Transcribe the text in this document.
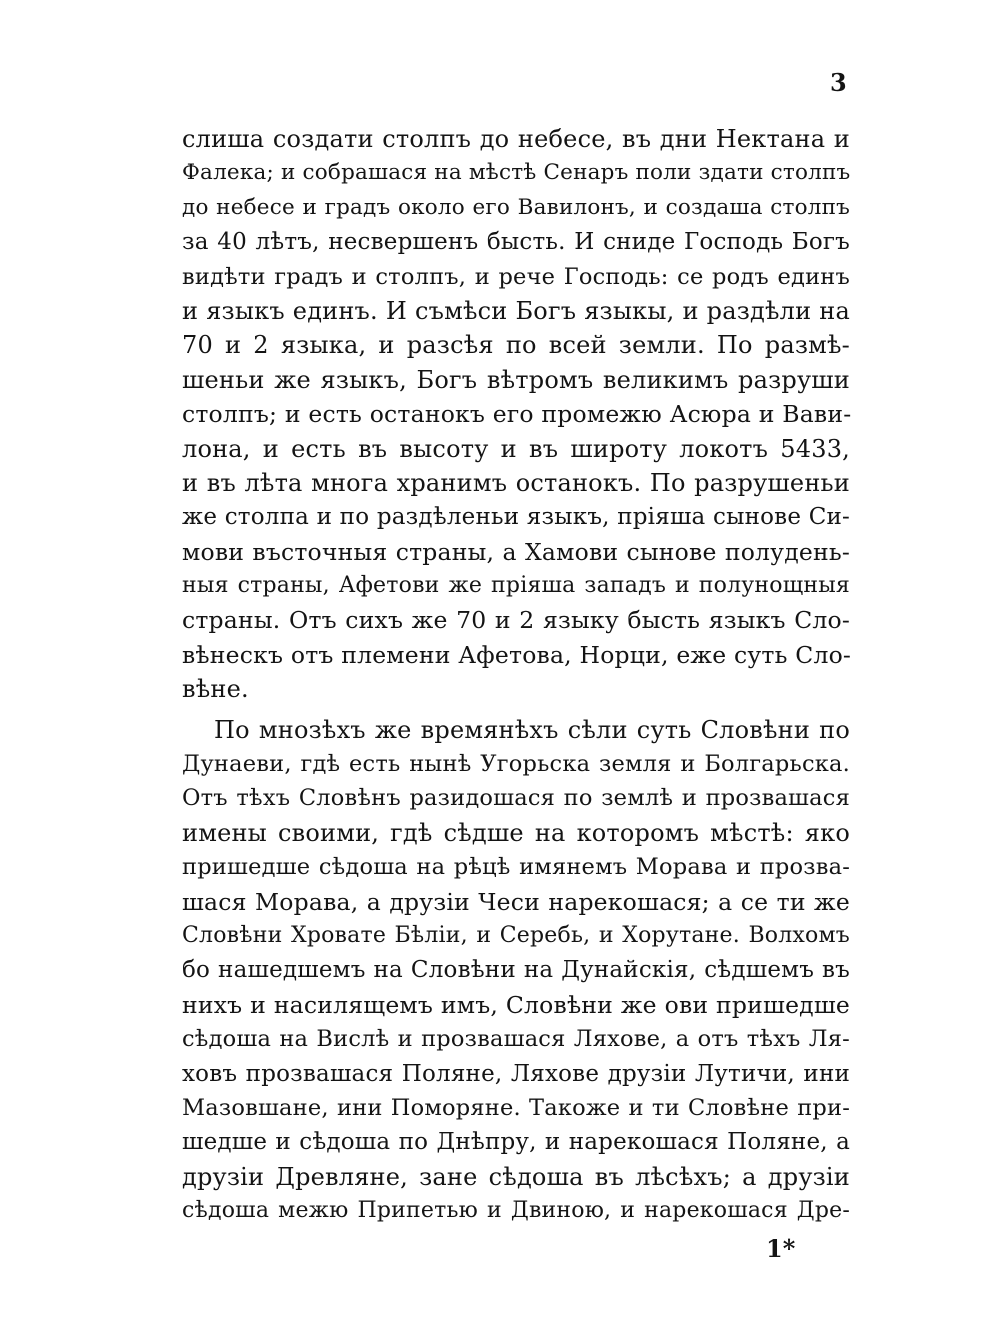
3
слиша создати столпъ до небесе, въ дни Нектана и
Фалека; и собрашася на мѣстѣ Сенаръ поли здати столпъ
до небесе и градъ около его Вавилонъ, и создаша столпъ
за 40 лѣтъ, несвершенъ бысть. И сниде Господь Богъ
видѣти градъ и столпъ, и рече Господь: се родъ единъ
и языкъ единъ. И съмѣси Богъ языкы, и раздѣли на
70 и 2 языка, и разсѣя по всей земли. По размѣ-
шеньи же языкъ, Богъ вѣтромъ великимъ разруши
столпъ; и есть останокъ его промежю Асюра и Вави-
лона, и есть въ высоту и въ широту локотъ 5433,
и въ лѣта многа хранимъ останокъ. По разрушеньи
же столпа и по раздѣленьи языкъ, прiяша сынове Си-
мови въсточныя страны, а Хамови сынове полудень-
ныя страны, Афетови же прiяша западъ и полунощныя
страны. Отъ сихъ же 70 и 2 языку бысть языкъ Сло-
вѣнескъ отъ племени Афетова, Норци, еже суть Сло-
вѣне.
По мнозѣхъ же времянѣхъ сѣли суть Словѣни по
Дунаеви, гдѣ есть нынѣ Угорьска земля и Болгарьска.
Отъ тѣхъ Словѣнъ разидошася по землѣ и прозвашася
имены своими, гдѣ сѣдше на которомъ мѣстѣ: яко
пришедше сѣдоша на рѣцѣ имянемъ Морава и прозва-
шася Морава, а друзiи Чеси нарекошася; а се ти же
Словѣни Хровате Бѣлiи, и Серебь, и Хорутане. Волхомъ
бо нашедшемъ на Словѣни на Дунайскiя, сѣдшемъ въ
нихъ и насилящемъ имъ, Словѣни же ови пришедше
сѣдоша на Вислѣ и прозвашася Ляхове, а отъ тѣхъ Ля-
ховъ прозвашася Поляне, Ляхове друзiи Лутичи, ини
Мазовшане, ини Поморяне. Такоже и ти Словѣне при-
шедше и сѣдоша по Днѣпру, и нарекошася Поляне, а
друзiи Древляне, зане сѣдоша въ лѣсѣхъ; а друзiи
сѣдоша межю Припетью и Двиною, и нарекошася Дре-
1*
